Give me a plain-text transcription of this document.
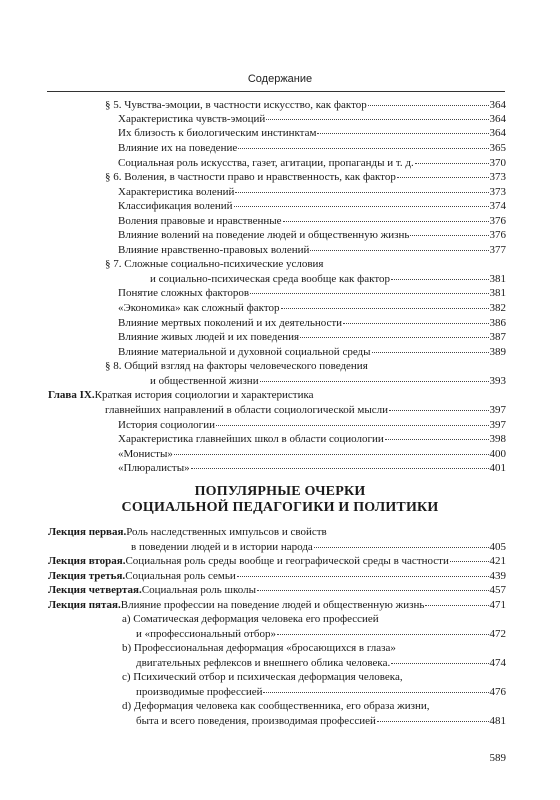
Содержание
§ 5. Чувства-эмоции, в частности искусство, как фактор	364
Характеристика чувств-эмоций	364
Их близость к биологическим инстинктам	364
Влияние их на поведение	365
Социальная роль искусства, газет, агитации, пропаганды и т. д.	370
§ 6. Воления, в частности право и нравственность, как фактор	373
Характеристика волений	373
Классификация волений	374
Воления правовые и нравственные	376
Влияние волений на поведение людей и общественную жизнь	376
Влияние нравственно-правовых волений	377
§ 7. Сложные социально-психические условия
и социально-психическая среда вообще как фактор	381
Понятие сложных факторов	381
«Экономика» как сложный фактор	382
Влияние мертвых поколений и их деятельности	386
Влияние живых людей и их поведения	387
Влияние материальной и духовной социальной среды	389
§ 8. Общий взгляд на факторы человеческого поведения
и общественной жизни	393
Глава IX. Краткая история социологии и характеристика
главнейших направлений в области социологической мысли	397
История социологии	397
Характеристика главнейших школ в области социологии	398
«Монисты»	400
«Плюралисты»	401
ПОПУЛЯРНЫЕ ОЧЕРКИ
СОЦИАЛЬНОЙ ПЕДАГОГИКИ И ПОЛИТИКИ
Лекция первая. Роль наследственных импульсов и свойств
в поведении людей и в истории народа	405
Лекция вторая. Социальная роль среды вообще и географической среды в частности	421
Лекция третья. Социальная роль семьи	439
Лекция четвертая. Социальная роль школы	457
Лекция пятая. Влияние профессии на поведение людей и общественную жизнь	471
a) Соматическая деформация человека его профессией
и «профессиональный отбор»	472
b) Профессиональная деформация «бросающихся в глаза»
двигательных рефлексов и внешнего облика человека.	474
c) Психический отбор и психическая деформация человека,
производимые профессией	476
d) Деформация человека как сообщественника, его образа жизни,
быта и всего поведения, производимая профессией	481
589
